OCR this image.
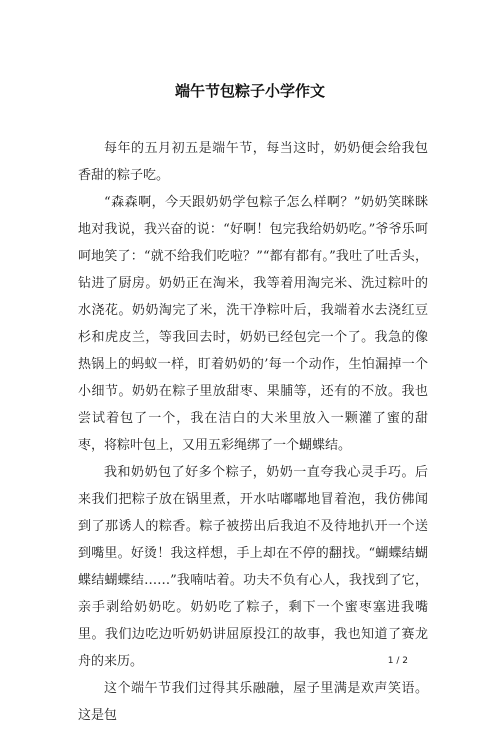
端午节包粽子小学作文

每年的五月初五是端午节，每当这时，奶奶便会给我包香甜的粽子吃。

“森森啊，今天跟奶奶学包粽子怎么样啊？”奶奶笑眯眯地对我说，我兴奋的说：“好啊！包完我给奶奶吃。”爷爷乐呵呵地笑了：“就不给我们吃啦？”“都有都有。”我吐了吐舌头，钻进了厨房。奶奶正在淘米，我等着用淘完米、洗过粽叶的水浇花。奶奶淘完了米，洗干净粽叶后，我端着水去浇红豆杉和虎皮兰，等我回去时，奶奶已经包完一个了。我急的像热锅上的蚂蚁一样，盯着奶奶的’每一个动作，生怕漏掉一个小细节。奶奶在粽子里放甜枣、果脯等，还有的不放。我也尝试着包了一个，我在洁白的大米里放入一颗灌了蜜的甜枣，将粽叶包上，又用五彩绳绑了一个蝴蝶结。

我和奶奶包了好多个粽子，奶奶一直夸我心灵手巧。后来我们把粽子放在锅里煮，开水咕嘟嘟地冒着泡，我仿佛闻到了那诱人的粽香。粽子被捞出后我迫不及待地扒开一个送到嘴里。好烫！我这样想，手上却在不停的翻找。“蝴蝶结蝴蝶结蝴蝶结……”我喃咕着。功夫不负有心人，我找到了它，亲手剥给奶奶吃。奶奶吃了粽子，剩下一个蜜枣塞进我嘴里。我们边吃边听奶奶讲屈原投江的故事，我也知道了赛龙舟的来历。

这个端午节我们过得其乐融融，屋子里满是欢声笑语。这是包

1 / 2
